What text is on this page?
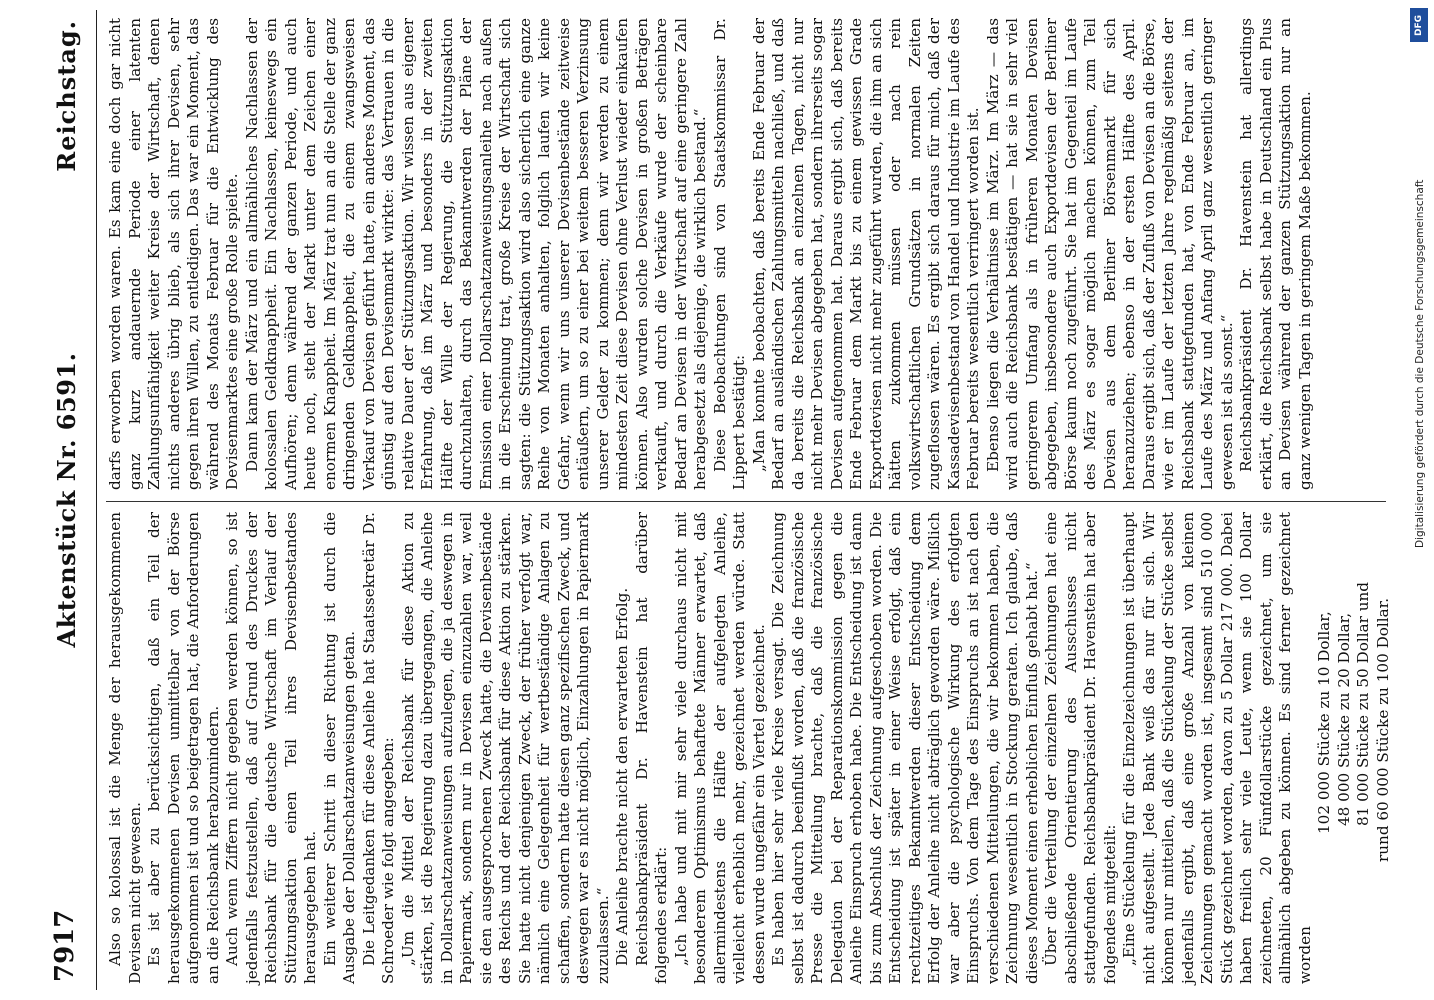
7917
Aktenstück Nr. 6591.
Reichstag.

Also so kolossal ist die Menge der herausgekommenen Devisen nicht gewesen. Es ist aber zu berücksichtigen, daß ein Teil der herausgekommenen Devisen unmittelbar von der Börse aufgenommen ist und so beigetragen hat, die Anforderungen an die Reichsbank herabzumindern. Auch wenn Ziffern nicht gegeben werden können, so ist jedenfalls festzustellen, daß auf Grund des Druckes der Reichsbank für die deutsche Wirtschaft im Verlauf der Stützungsaktion einen Teil ihres Devisenbestandes herausgegeben hat. Ein weiterer Schritt in dieser Richtung ist durch die Ausgabe der Dollarschatzanweisungen getan. Die Leitgedanken für diese Anleihe hat Staatssekretär Dr. Schroeder wie folgt angegeben: „Um die Mittel der Reichsbank für diese Aktion zu stärken, ist die Regierung dazu übergegangen, die Anleihe in Dollarschatzanweisungen aufzulegen, die ja deswegen in Papiermark, sondern nur in Devisen einzuzahlen war, weil sie den ausgesprochenen Zweck hatte, die Devisenbestände des Reichs und der Reichsbank für diese Aktion zu stärken. Sie hatte nicht denjenigen Zweck, der früher verfolgt war, nämlich eine Gelegenheit für wertbeständige Anlagen zu schaffen, sondern hatte diesen ganz spezifischen Zweck, und deswegen war es nicht möglich, Einzahlungen in Papiermark zuzulassen.“ Die Anleihe brachte nicht den erwarteten Erfolg. Reichsbankpräsident Dr. Havenstein hat darüber folgendes erklärt: „Ich habe und mit mir sehr viele durchaus nicht mit besonderem Optimismus behaftete Männer erwartet, daß allermindestens die Hälfte der aufgelegten Anleihe, vielleicht erheblich mehr, gezeichnet werden würde. Statt dessen wurde ungefähr ein Viertel gezeichnet. Es haben hier sehr viele Kreise versagt. Die Zeichnung selbst ist dadurch beeinflußt worden, daß die französische Presse die Mitteilung brachte, daß die französische Delegation bei der Reparationskommission gegen die Anleihe Einspruch erhoben habe. Die Entscheidung ist dann bis zum Abschluß der Zeichnung aufgeschoben worden. Die Entscheidung ist später in einer Weise erfolgt, daß ein rechtzeitiges Bekanntwerden dieser Entscheidung dem Erfolg der Anleihe nicht abträglich geworden wäre. Mißlich war aber die psychologische Wirkung des erfolgten Einspruchs. Von dem Tage des Einspruchs an ist nach den verschiedenen Mitteilungen, die wir bekommen haben, die Zeichnung wesentlich in Stockung geraten. Ich glaube, daß dieses Moment einen erheblichen Einfluß gehabt hat.“ Über die Verteilung der einzelnen Zeichnungen hat eine abschließende Orientierung des Ausschusses nicht stattgefunden. Reichsbankpräsident Dr. Havenstein hat aber folgendes mitgeteilt: „Eine Stückelung für die Einzelzeichnungen ist überhaupt nicht aufgestellt. Jede Bank weiß das nur für sich. Wir können nur mitteilen, daß die Stückelung der Stücke selbst jedenfalls ergibt, daß eine große Anzahl von kleinen Zeichnungen gemacht worden ist, insgesamt sind 510 000 Stück gezeichnet worden, davon zu 5 Dollar 217 000. Dabei haben freilich sehr viele Leute, wenn sie 100 Dollar zeichneten, 20 Fünfdollarstücke gezeichnet, um sie allmählich abgeben zu können. Es sind ferner gezeichnet worden

102 000 Stücke zu 10 Dollar, 48 000 Stücke zu 20 Dollar, 81 000 Stücke zu 50 Dollar und rund 60 000 Stücke zu 100 Dollar.

darfs erworben worden waren. Es kam eine doch gar nicht ganz kurz andauernde Periode einer latenten Zahlungsunfähigkeit weiter Kreise der Wirtschaft, denen nichts anderes übrig blieb, als sich ihrer Devisen, sehr gegen ihren Willen, zu entledigen. Das war ein Moment, das während des Monats Februar für die Entwicklung des Devisenmarktes eine große Rolle spielte. Dann kam der März und ein allmähliches Nachlassen der kolossalen Geldknappheit. Ein Nachlassen, keineswegs ein Aufhören; denn während der ganzen Periode, und auch heute noch, steht der Markt unter dem Zeichen einer enormen Knappheit. Im März trat nun an die Stelle der ganz dringenden Geldknappheit, die zu einem zwangsweisen Verkauf von Devisen geführt hatte, ein anderes Moment, das günstig auf den Devisenmarkt wirkte: das Vertrauen in die relative Dauer der Stützungsaktion. Wir wissen aus eigener Erfahrung, daß im März und besonders in der zweiten Hälfte der Wille der Regierung, die Stützungsaktion durchzuhalten, durch das Bekanntwerden der Pläne der Emission einer Dollarschatzanweisungsanleihe nach außen in die Erscheinung trat, große Kreise der Wirtschaft sich sagten: die Stützungsaktion wird also sicherlich eine ganze Reihe von Monaten anhalten, folglich laufen wir keine Gefahr, wenn wir uns unserer Devisenbestände zeitweise entäußern, um so zu einer bei weitem besseren Verzinsung unserer Gelder zu kommen; denn wir werden zu einem mindesten Zeit diese Devisen ohne Verlust wieder einkaufen können. Also wurden solche Devisen in großen Beträgen verkauft, und durch die Verkäufe wurde der scheinbare Bedarf an Devisen in der Wirtschaft auf eine geringere Zahl herabgesetzt als diejenige, die wirklich bestand.“ Diese Beobachtungen sind von Staatskommissar Dr. Lippert bestätigt: „Man konnte beobachten, daß bereits Ende Februar der Bedarf an ausländischen Zahlungsmitteln nachließ, und daß da bereits die Reichsbank an einzelnen Tagen, nicht nur nicht mehr Devisen abgegeben hat, sondern ihrerseits sogar Devisen aufgenommen hat. Daraus ergibt sich, daß bereits Ende Februar dem Markt bis zu einem gewissen Grade Exportdevisen nicht mehr zugeführt wurden, die ihm an sich hätten zukommen müssen oder nach rein volkswirtschaftlichen Grundsätzen in normalen Zeiten zugeflossen wären. Es ergibt sich daraus für mich, daß der Kassadevisenbestand von Handel und Industrie im Laufe des Februar bereits wesentlich verringert worden ist. Ebenso liegen die Verhältnisse im März. Im März — das wird auch die Reichsbank bestätigen — hat sie in sehr viel geringerem Umfang als in früheren Monaten Devisen abgegeben, insbesondere auch Exportdevisen der Berliner Börse kaum noch zugeführt. Sie hat im Gegenteil im Laufe des März es sogar möglich machen können, zum Teil Devisen aus dem Berliner Börsenmarkt für sich heranzuziehen; ebenso in der ersten Hälfte des April. Daraus ergibt sich, daß der Zufluß von Devisen an die Börse, wie er im Laufe der letzten Jahre regelmäßig seitens der Reichsbank stattgefunden hat, von Ende Februar an, im Laufe des März und Anfang April ganz wesentlich geringer gewesen ist als sonst.“ Reichsbankpräsident Dr. Havenstein hat allerdings erklärt, die Reichsbank selbst habe in Deutschland ein Plus an Devisen während der ganzen Stützungsaktion nur an ganz wenigen Tagen in geringem Maße bekommen.

DFG
Digitalisierung gefördert durch die Deutsche Forschungsgemeinschaft
